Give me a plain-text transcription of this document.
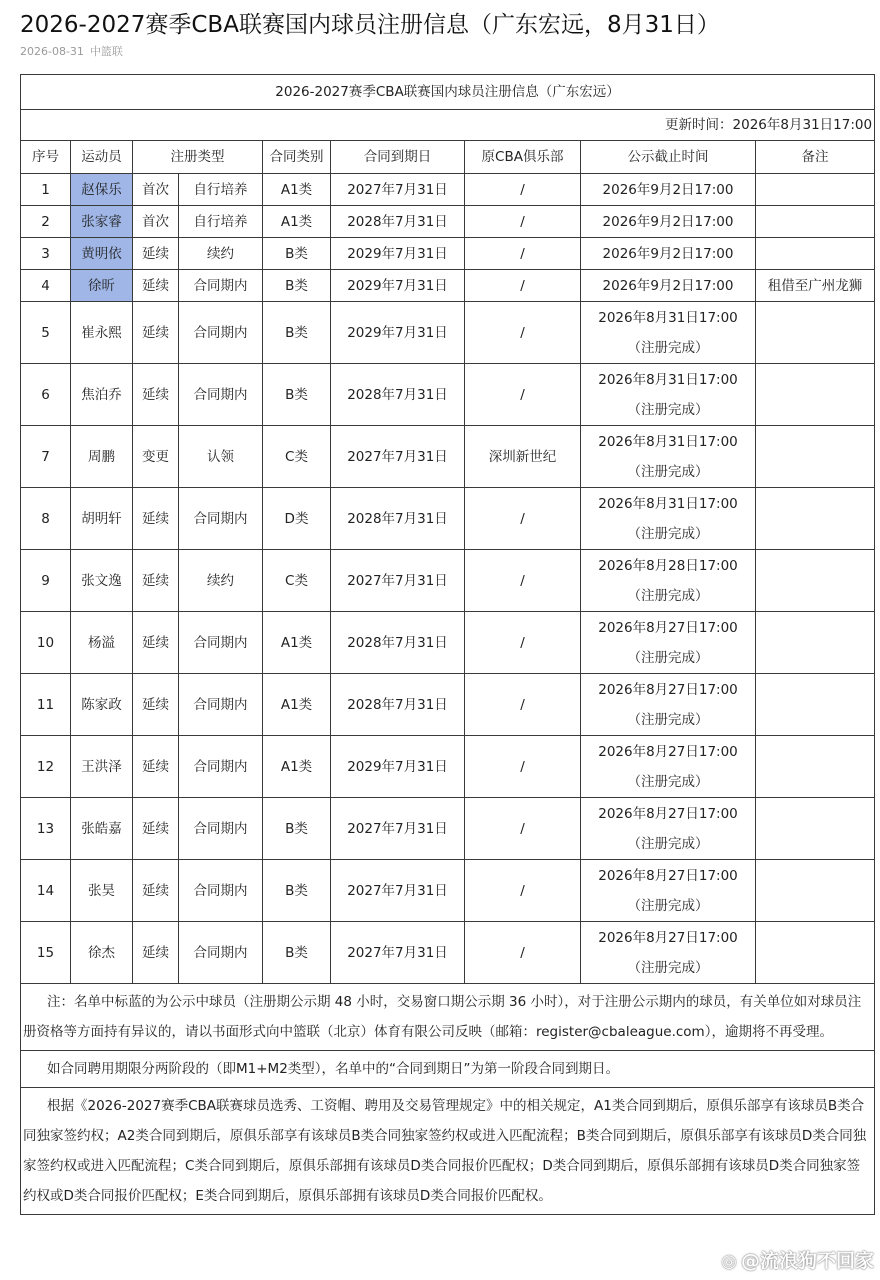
2026-2027赛季CBA联赛国内球员注册信息（广东宏远，8月31日）
2026-08-31 中篮联
2026-2027赛季CBA联赛国内球员注册信息（广东宏远）								
更新时间：2026年8月31日17:00								
序号	运动员	注册类型		合同类别	合同到期日	原CBA俱乐部	公示截止时间	备注
1	赵保乐	首次	自行培养	A1类	2027年7月31日	/	2026年9月2日17:00	

2	张家睿	首次	自行培养	A1类	2028年7月31日	/	2026年9月2日17:00	

3	黄明依	延续	续约	B类	2029年7月31日	/	2026年9月2日17:00	

4	徐昕	延续	合同期内	B类	2029年7月31日	/	2026年9月2日17:00	租借至广州龙狮
5	崔永熙	延续	合同期内	B类	2029年7月31日	/	2026年8月31日17:00
（注册完成）	

6	焦泊乔	延续	合同期内	B类	2028年7月31日	/	2026年8月31日17:00
（注册完成）	

7	周鹏	变更	认领	C类	2027年7月31日	深圳新世纪	2026年8月31日17:00
（注册完成）	

8	胡明轩	延续	合同期内	D类	2028年7月31日	/	2026年8月31日17:00
（注册完成）	

9	张文逸	延续	续约	C类	2027年7月31日	/	2026年8月28日17:00
（注册完成）	

10	杨溢	延续	合同期内	A1类	2028年7月31日	/	2026年8月27日17:00
（注册完成）	

11	陈家政	延续	合同期内	A1类	2028年7月31日	/	2026年8月27日17:00
（注册完成）	

12	王洪泽	延续	合同期内	A1类	2029年7月31日	/	2026年8月27日17:00
（注册完成）	

13	张皓嘉	延续	合同期内	B类	2027年7月31日	/	2026年8月27日17:00
（注册完成）	

14	张昊	延续	合同期内	B类	2027年7月31日	/	2026年8月27日17:00
（注册完成）	

15	徐杰	延续	合同期内	B类	2027年7月31日	/	2026年8月27日17:00
（注册完成）	

注：名单中标蓝的为公示中球员（注册期公示期 48 小时，交易窗口期公示期 36 小时），对于注册公示期内的球员，有关单位如对球员注册资格等方面持有异议的，请以书面形式向中篮联（北京）体育有限公司反映（邮箱：register@cbaleague.com），逾期将不再受理。								
如合同聘用期限分两阶段的（即M1+M2类型），名单中的“合同到期日”为第一阶段合同到期日。								
根据《2026-2027赛季CBA联赛球员选秀、工资帽、聘用及交易管理规定》中的相关规定，A1类合同到期后，原俱乐部享有该球员B类合同独家签约权；A2类合同到期后，原俱乐部享有该球员B类合同独家签约权或进入匹配流程；B类合同到期后，原俱乐部享有该球员D类合同独家签约权或进入匹配流程；C类合同到期后，原俱乐部拥有该球员D类合同报价匹配权；D类合同到期后，原俱乐部拥有该球员D类合同独家签约权或D类合同报价匹配权；E类合同到期后，原俱乐部拥有该球员D类合同报价匹配权。								
◎ @流浪狗不回家
